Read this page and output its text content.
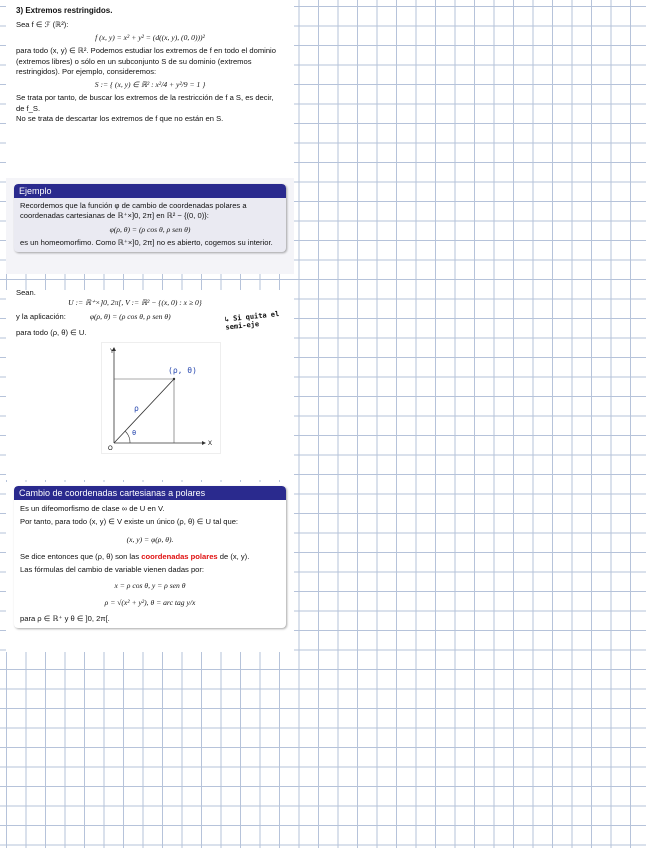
3) Extremos restringidos.

Sea f ∈ ℱ (ℝ²):

f (x, y) = x² + y² = (d((x, y), (0, 0)))²

para todo (x, y) ∈ ℝ². Podemos estudiar los extremos de f en todo el dominio (extremos libres) o sólo en un subconjunto S de su dominio (extremos restringidos). Por ejemplo, consideremos:

S := { (x, y) ∈ ℝ² : x²/4 + y²/9 = 1 }

Se trata por tanto, de buscar los extremos de la restricción de f a S, es decir, de f_S.

No se trata de descartar los extremos de f que no están en S.

Ejemplo

Recordemos que la función φ de cambio de coordenadas polares a coordenadas cartesianas de ℝ⁺×]0, 2π] en ℝ² − {(0, 0)}:

φ(ρ, θ) = (ρ cos θ, ρ sen θ)

es un homeomorfimo. Como ℝ⁺×]0, 2π] no es abierto, cogemos su interior.

Sean.

U := ℝ⁺×]0, 2π[, V := ℝ² − {(x, 0) : x ≥ 0}

y la aplicación:	φ(ρ, θ) = (ρ cos θ, ρ sen θ)

para todo (ρ, θ) ∈ U.

Y
X
O
(ρ, θ)
ρ
θ
↳ Si quita el semi-eje
Cambio de coordenadas cartesianas a polares

Es un difeomorfismo de clase ∞ de U en V.

Por tanto, para todo (x, y) ∈ V existe un único (ρ, θ) ∈ U tal que:

(x, y) = φ(ρ, θ).

Se dice entonces que (ρ, θ) son las coordenadas polares de (x, y).

Las fórmulas del cambio de variable vienen dadas por:

x = ρ cos θ, y = ρ sen θ

ρ = √(x² + y²), θ = arc tag y/x

para ρ ∈ ℝ⁺ y θ ∈ ]0, 2π[.
